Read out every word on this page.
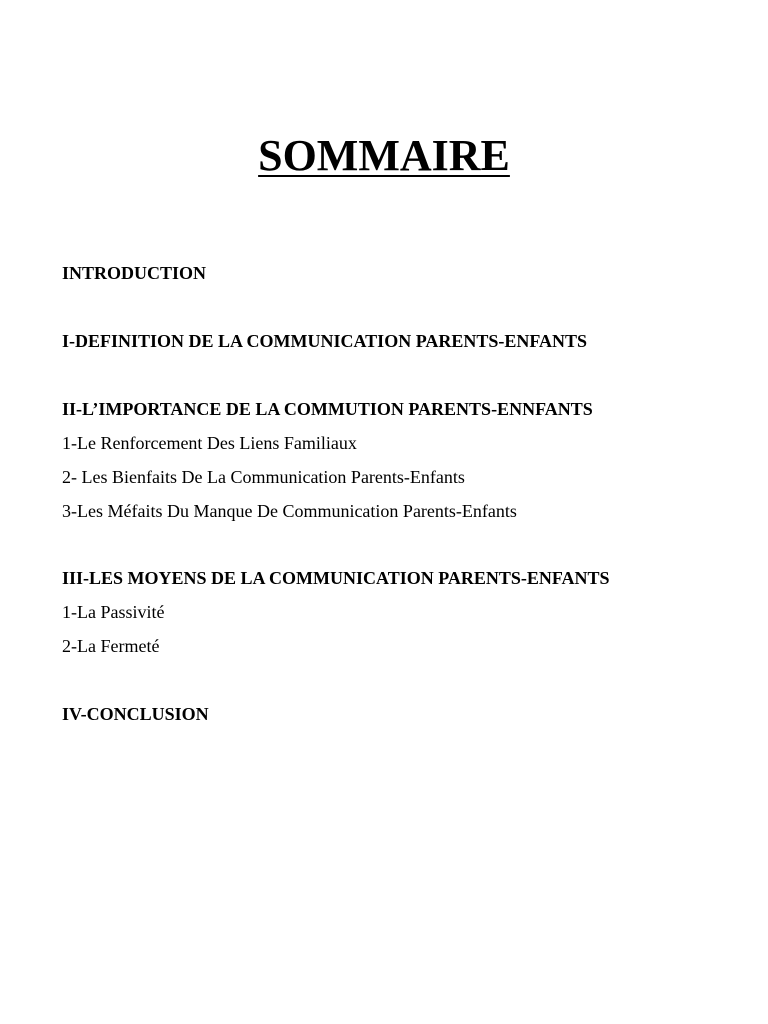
SOMMAIRE

INTRODUCTION

I-DEFINITION DE LA COMMUNICATION PARENTS-ENFANTS

II-L’IMPORTANCE DE LA COMMUTION PARENTS-ENNFANTS

1-Le Renforcement Des Liens Familiaux

2- Les Bienfaits De La Communication Parents-Enfants

3-Les Méfaits Du Manque De Communication Parents-Enfants

III-LES MOYENS DE LA COMMUNICATION PARENTS-ENFANTS

1-La Passivité

2-La Fermeté

IV-CONCLUSION
